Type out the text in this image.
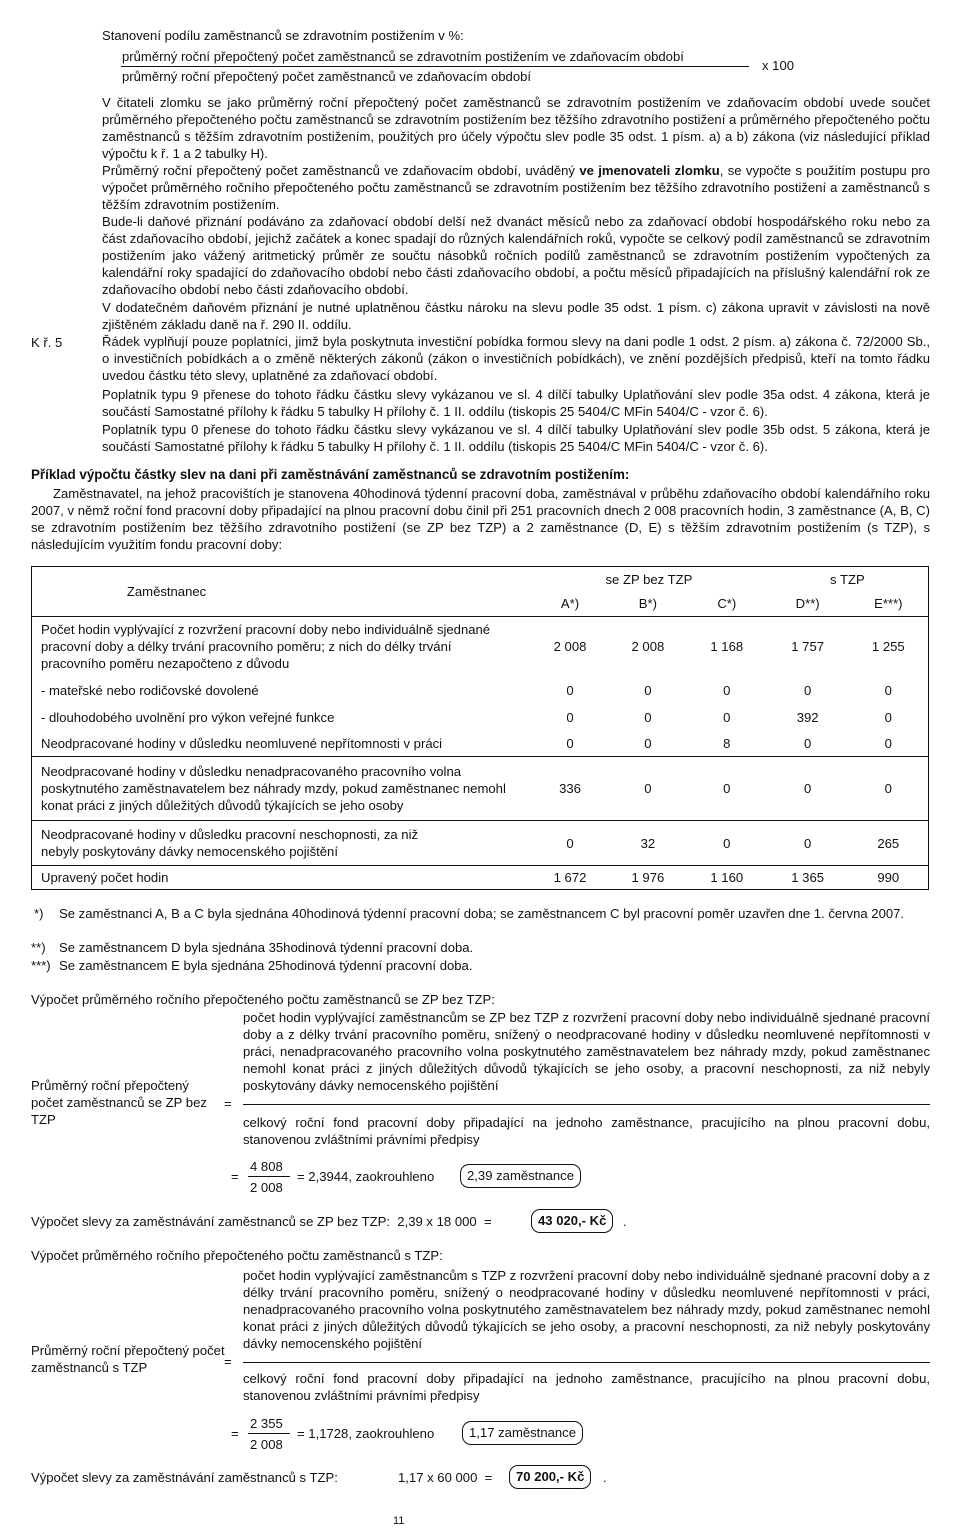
Stanovení podílu zaměstnanců se zdravotním postižením v %:
průměrný roční přepočtený počet zaměstnanců se zdravotním postižením ve zdaňovacím období
průměrný roční přepočtený počet zaměstnanců ve zdaňovacím období
x 100
V čitateli zlomku se jako průměrný roční přepočtený počet zaměstnanců se zdravotním postižením ve zdaňovacím období uvede součet průměrného přepočteného počtu zaměstnanců se zdravotním postižením bez těžšího zdravotního postižení a průměrného přepočteného počtu zaměstnanců s těžším zdravotním postižením, použitých pro účely výpočtu slev podle 35 odst. 1 písm. a) a b) zákona (viz následující příklad výpočtu k ř. 1 a 2 tabulky H).
Průměrný roční přepočtený počet zaměstnanců ve zdaňovacím období, uváděný ve jmenovateli zlomku, se vypočte s použitím postupu pro výpočet průměrného ročního přepočteného počtu zaměstnanců se zdravotním postižením bez těžšího zdravotního postižení a zaměstnanců s těžším zdravotním postižením.
Bude-li daňové přiznání podáváno za zdaňovací období delší než dvanáct měsíců nebo za zdaňovací období hospodářského roku nebo za část zdaňovacího období, jejichž začátek a konec spadají do různých kalendářních roků, vypočte se celkový podíl zaměstnanců se zdravotním postižením jako vážený aritmetický průměr ze součtu násobků ročních podílů zaměstnanců se zdravotním postižením vypočtených za kalendářní roky spadající do zdaňovacího období nebo části zdaňovacího období, a počtu měsíců připadajících na příslušný kalendářní rok ze zdaňovacího období nebo části zdaňovacího období.
V dodatečném daňovém přiznání je nutné uplatněnou částku nároku na slevu podle 35 odst. 1 písm. c) zákona upravit v závislosti na nově zjištěném základu daně na ř. 290 II. oddílu.
K ř. 5	Řádek vyplňují pouze poplatníci, jimž byla poskytnuta investiční pobídka formou slevy na dani podle 1 odst. 2 písm. a) zákona č. 72/2000 Sb., o investičních pobídkách a o změně některých zákonů (zákon o investičních pobídkách), ve znění pozdějších předpisů, kteří na tomto řádku uvedou částku této slevy, uplatněné za zdaňovací období.
Poplatník typu 9 přenese do tohoto řádku částku slevy vykázanou ve sl. 4 dílčí tabulky Uplatňování slev podle 35a odst. 4 zákona, která je součástí Samostatné přílohy k řádku 5 tabulky H přílohy č. 1 II. oddílu (tiskopis 25 5404/C MFin 5404/C - vzor č. 6).
Poplatník typu 0 přenese do tohoto řádku částku slevy vykázanou ve sl. 4 dílčí tabulky Uplatňování slev podle 35b odst. 5 zákona, která je součástí Samostatné přílohy k řádku 5 tabulky H přílohy č. 1 II. oddílu (tiskopis 25 5404/C MFin 5404/C - vzor č. 6).
Příklad výpočtu částky slev na dani při zaměstnávání zaměstnanců se zdravotním postižením:
Zaměstnavatel, na jehož pracovištích je stanovena 40hodinová týdenní pracovní doba, zaměstnával v průběhu zdaňovacího období kalendářního roku 2007, v němž roční fond pracovní doby připadající na plnou pracovní dobu činil při 251 pracovních dnech 2 008 pracovních hodin, 3 zaměstnance (A, B, C) se zdravotním postižením bez těžšího zdravotního postižení (se ZP bez TZP) a 2 zaměstnance (D, E) s těžším zdravotním postižením (s TZP), s následujícím využitím fondu pracovní doby:
Zaměstnanec	se ZP bez TZP			s TZP	
	A*)	B*)	C*)	D**)	E***)
Počet hodin vyplývající z rozvržení pracovní doby nebo individuálně sjednané pracovní doby a délky trvání pracovního poměru; z nich do délky trvání pracovního poměru nezapočteno z důvodu	2 008	2 008	1 168	1 757	1 255
- mateřské nebo rodičovské dovolené	0	0	0	0	0
- dlouhodobého uvolnění pro výkon veřejné funkce	0	0	0	392	0
Neodpracované hodiny v důsledku neomluvené nepřítomnosti v práci	0	0	8	0	0
Neodpracované hodiny v důsledku nenadpracovaného pracovního volna poskytnutého zaměstnavatelem bez náhrady mzdy, pokud zaměstnanec nemohl konat práci z jiných důležitých důvodů týkajících se jeho osoby	336	0	0	0	0
Neodpracované hodiny v důsledku pracovní neschopnosti, za niž nebyly poskytovány dávky nemocenského pojištění	0	32	0	0	265
Upravený počet hodin	1 672	1 976	1 160	1 365	990
*) Se zaměstnanci A, B a C byla sjednána 40hodinová týdenní pracovní doba; se zaměstnancem C byl pracovní poměr uzavřen dne 1. června 2007.
**) Se zaměstnancem D byla sjednána 35hodinová týdenní pracovní doba.
***) Se zaměstnancem E byla sjednána 25hodinová týdenní pracovní doba.
Výpočet průměrného ročního přepočteného počtu zaměstnanců se ZP bez TZP:
Průměrný roční přepočtený počet zaměstnanců se ZP bez TZP
=
počet hodin vyplývající zaměstnancům se ZP bez TZP z rozvržení pracovní doby nebo individuálně sjednané pracovní doby a z délky trvání pracovního poměru, snížený o neodpracované hodiny v důsledku neomluvené nepřítomnosti v práci, nenadpracovaného pracovního volna poskytnutého zaměstnavatelem bez náhrady mzdy, pokud zaměstnanec nemohl konat práci z jiných důležitých důvodů týkajících se jeho osoby, a pracovní neschopnosti, za niž nebyly poskytovány dávky nemocenského pojištění
celkový roční fond pracovní doby připadající na jednoho zaměstnance, pracujícího na plnou pracovní dobu, stanovenou zvláštními právními předpisy
=
4 808
2 008
= 2,3944, zaokrouhleno	2,39 zaměstnance
Výpočet slevy za zaměstnávání zaměstnanců se ZP bez TZP:  2,39 x 18 000  =	43 020,- Kč	.
Výpočet průměrného ročního přepočteného počtu zaměstnanců s TZP:
Průměrný roční přepočtený počet zaměstnanců s TZP	=
počet hodin vyplývající zaměstnancům s TZP z rozvržení pracovní doby nebo individuálně sjednané pracovní doby a z délky trvání pracovního poměru, snížený o neodpracované hodiny v důsledku neomluvené nepřítomnosti v práci, nenadpracovaného pracovního volna poskytnutého zaměstnavatelem bez náhrady mzdy, pokud zaměstnanec nemohl konat práci z jiných důležitých důvodů týkajících se jeho osoby, a pracovní neschopnosti, za niž nebyly poskytovány dávky nemocenského pojištění
celkový roční fond pracovní doby připadající na jednoho zaměstnance, pracujícího na plnou pracovní dobu, stanovenou zvláštními právními předpisy
=
2 355
2 008
= 1,1728, zaokrouhleno	1,17 zaměstnance
Výpočet slevy za zaměstnávání zaměstnanců s TZP:	1,17 x 60 000  =	70 200,- Kč	.
11
